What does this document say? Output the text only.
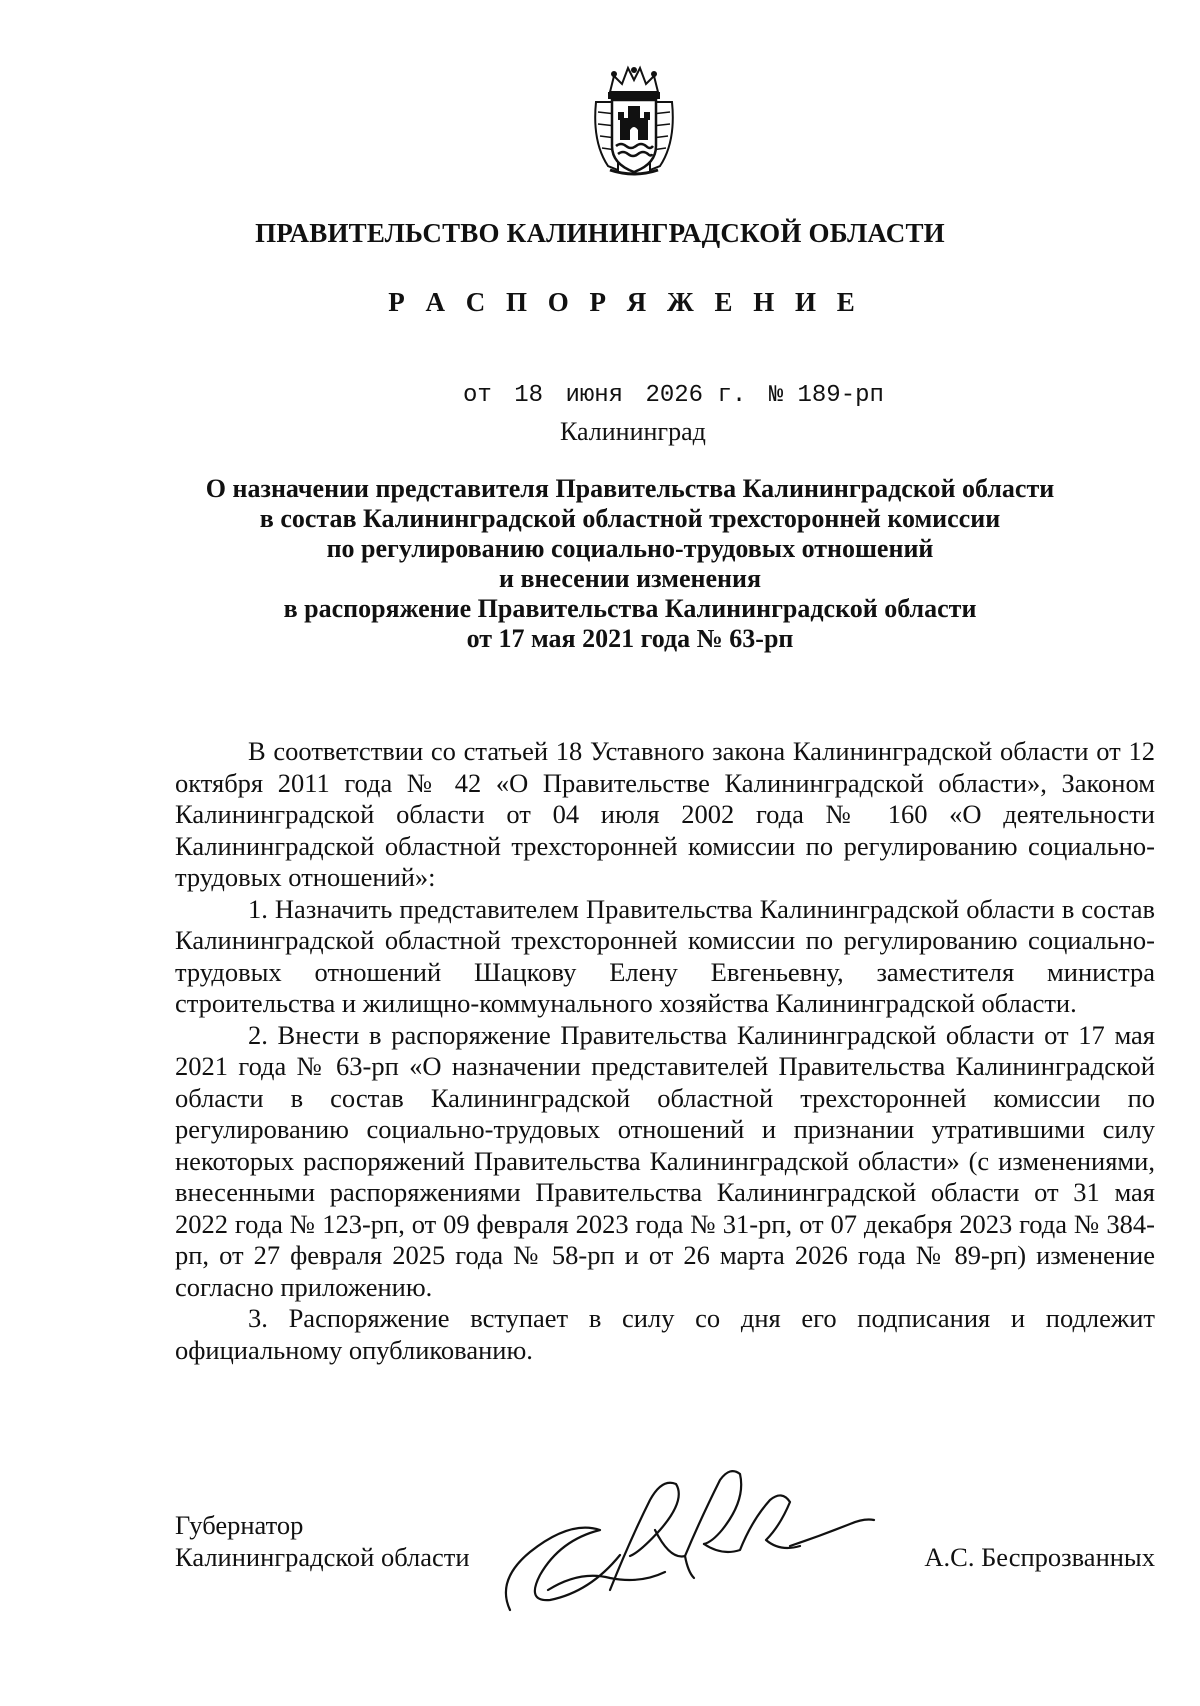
ПРАВИТЕЛЬСТВО КАЛИНИНГРАДСКОЙ ОБЛАСТИ
Р А С П О Р Я Ж Е Н И Е
от 18 июня 2026 г. № 189-рп
Калининград
О назначении представителя Правительства Калининградской области
в состав Калининградской областной трехсторонней комиссии
по регулированию социально-трудовых отношений
и внесении изменения
в распоряжение Правительства Калининградской области
от 17 мая 2021 года № 63-рп

В соответствии со статьей 18 Уставного закона Калининградской области от 12 октября 2011 года № 42 «О Правительстве Калининградской области», Законом Калининградской области от 04 июля 2002 года № 160 «О деятельности Калининградской областной трехсторонней комиссии по регулированию социально-трудовых отношений»:

1. Назначить представителем Правительства Калининградской области в состав Калининградской областной трехсторонней комиссии по регулированию социально-трудовых отношений Шацкову Елену Евгеньевну, заместителя министра строительства и жилищно-коммунального хозяйства Калининградской области.

2. Внести в распоряжение Правительства Калининградской области от 17 мая 2021 года № 63-рп «О назначении представителей Правительства Калининградской области в состав Калининградской областной трехсторонней комиссии по регулированию социально-трудовых отношений и признании утратившими силу некоторых распоряжений Правительства Калининградской области» (с изменениями, внесенными распоряжениями Правительства Калининградской области от 31 мая 2022 года № 123-рп, от 09 февраля 2023 года № 31-рп, от 07 декабря 2023 года № 384-рп, от 27 февраля 2025 года № 58-рп и от 26 марта 2026 года № 89-рп) изменение согласно приложению.

3. Распоряжение вступает в силу со дня его подписания и подлежит официальному опубликованию.

Губернатор
Калининградской области	А.С. Беспрозванных
